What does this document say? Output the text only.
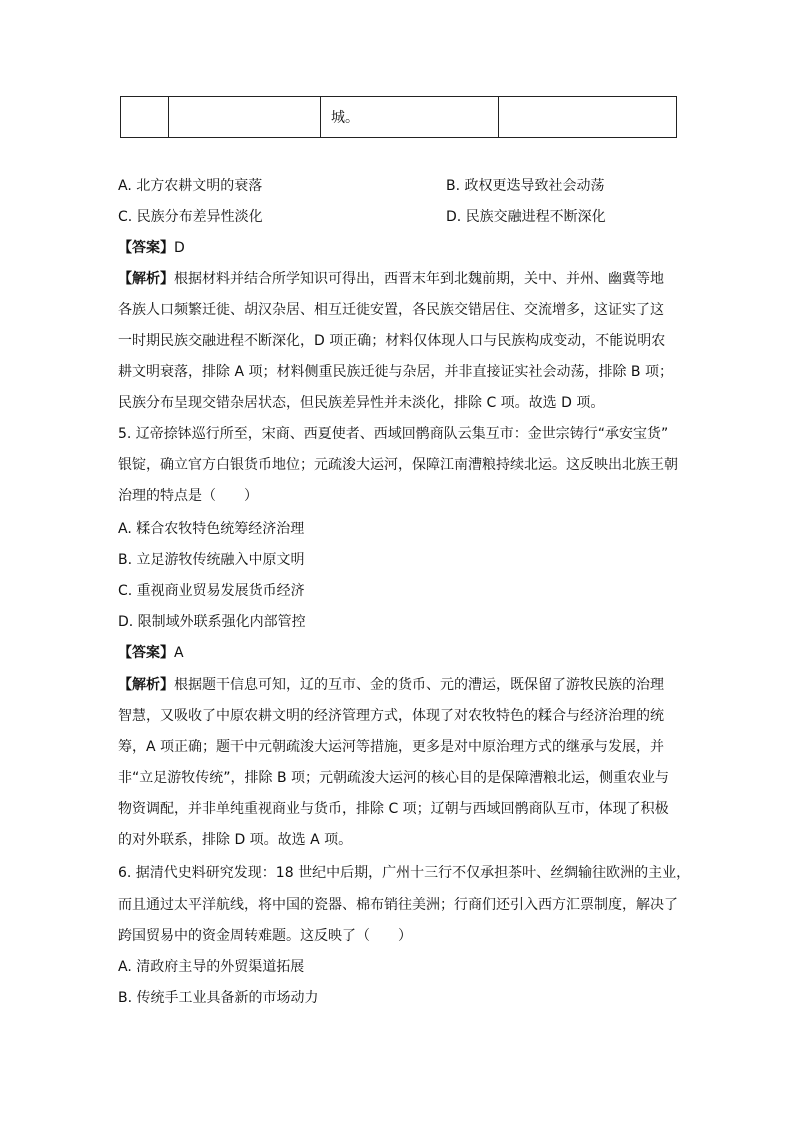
		城。	
A. 北方农耕文明的衰落	B. 政权更迭导致社会动荡
C. 民族分布差异性淡化	D. 民族交融进程不断深化
【答案】D
【解析】根据材料并结合所学知识可得出，西晋末年到北魏前期，关中、并州、幽冀等地
各族人口频繁迁徙、胡汉杂居、相互迁徙安置，各民族交错居住、交流增多，这证实了这
一时期民族交融进程不断深化，D 项正确；材料仅体现人口与民族构成变动，不能说明农
耕文明衰落，排除 A 项；材料侧重民族迁徙与杂居，并非直接证实社会动荡，排除 B 项；
民族分布呈现交错杂居状态，但民族差异性并未淡化，排除 C 项。故选 D 项。
5. 辽帝捺钵巡行所至，宋商、西夏使者、西域回鹘商队云集互市：金世宗铸行“承安宝货”
银锭，确立官方白银货币地位；元疏浚大运河，保障江南漕粮持续北运。这反映出北族王朝
治理的特点是（　　）
A. 糅合农牧特色统筹经济治理
B. 立足游牧传统融入中原文明
C. 重视商业贸易发展货币经济
D. 限制域外联系强化内部管控
【答案】A
【解析】根据题干信息可知，辽的互市、金的货币、元的漕运，既保留了游牧民族的治理
智慧，又吸收了中原农耕文明的经济管理方式，体现了对农牧特色的糅合与经济治理的统
筹，A 项正确；题干中元朝疏浚大运河等措施，更多是对中原治理方式的继承与发展，并
非“立足游牧传统”，排除 B 项；元朝疏浚大运河的核心目的是保障漕粮北运，侧重农业与
物资调配，并非单纯重视商业与货币，排除 C 项；辽朝与西域回鹘商队互市，体现了积极
的对外联系，排除 D 项。故选 A 项。
6. 据清代史料研究发现：18 世纪中后期，广州十三行不仅承担茶叶、丝绸输往欧洲的主业，
而且通过太平洋航线，将中国的瓷器、棉布销往美洲；行商们还引入西方汇票制度，解决了
跨国贸易中的资金周转难题。这反映了（　　）
A. 清政府主导的外贸渠道拓展
B. 传统手工业具备新的市场动力
